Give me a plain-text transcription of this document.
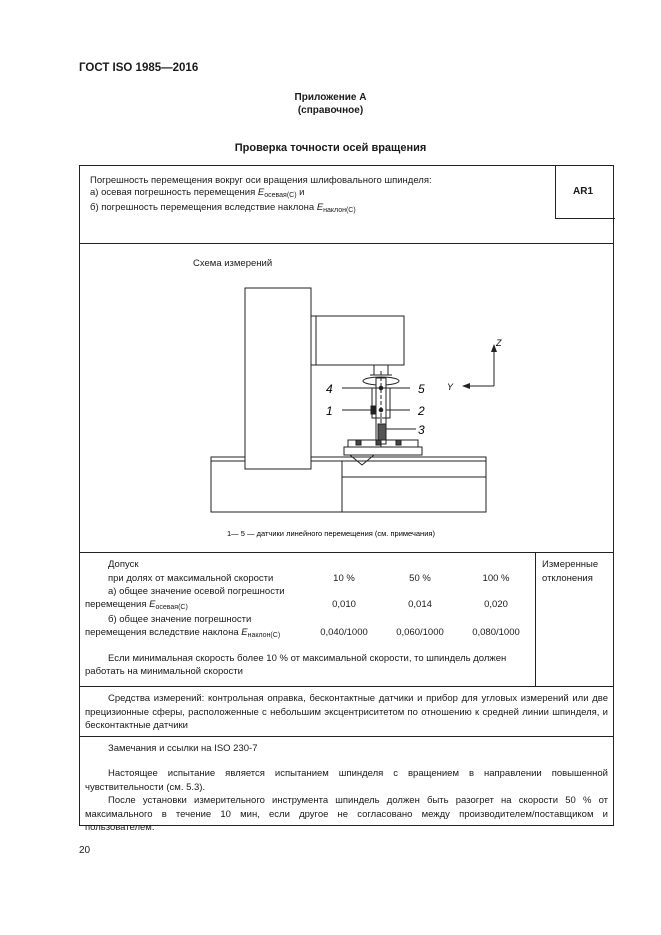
ГОСТ ISO 1985—2016
Приложение А
(справочное)
Проверка точности осей вращения
Погрешность перемещения вокруг оси вращения шлифовального шпинделя:
а) осевая погрешность перемещения $E_{осевая(C)}$ и
б) погрешность перемещения вследствие наклона $E_{наклон(C)}$
AR1
Схема измерений
Z
Y
4
1
5
2
3
1— 5 — датчики линейного перемещения (см. примечания)
Допуск
при долях от максимальной скорости	10 %	50 %	100 %
а) общее значение осевой погрешности
перемещения $E_{осевая(C)}$	0,010	0,014	0,020
б) общее значение погрешности
перемещения вследствие наклона $E_{наклон(C)}$	0,040/1000	0,060/1000	0,080/1000
Если минимальная скорость более 10 % от максимальной скорости, то шпиндель должен
работать на минимальной скорости
Измеренные
отклонения
Средства измерений: контрольная оправка, бесконтактные датчики и прибор для угловых измерений или две прецизионные сферы, расположенные с небольшим эксцентриситетом по отношению к средней линии шпинделя, и бесконтактные датчики
Замечания и ссылки на ISO 230-7
Настоящее испытание является испытанием шпинделя с вращением в направлении повышенной чувствительности (см. 5.3).
После установки измерительного инструмента шпиндель должен быть разогрет на скорости 50 % от максимального в течение 10 мин, если другое не согласовано между производителем/поставщиком и пользователем.
20
